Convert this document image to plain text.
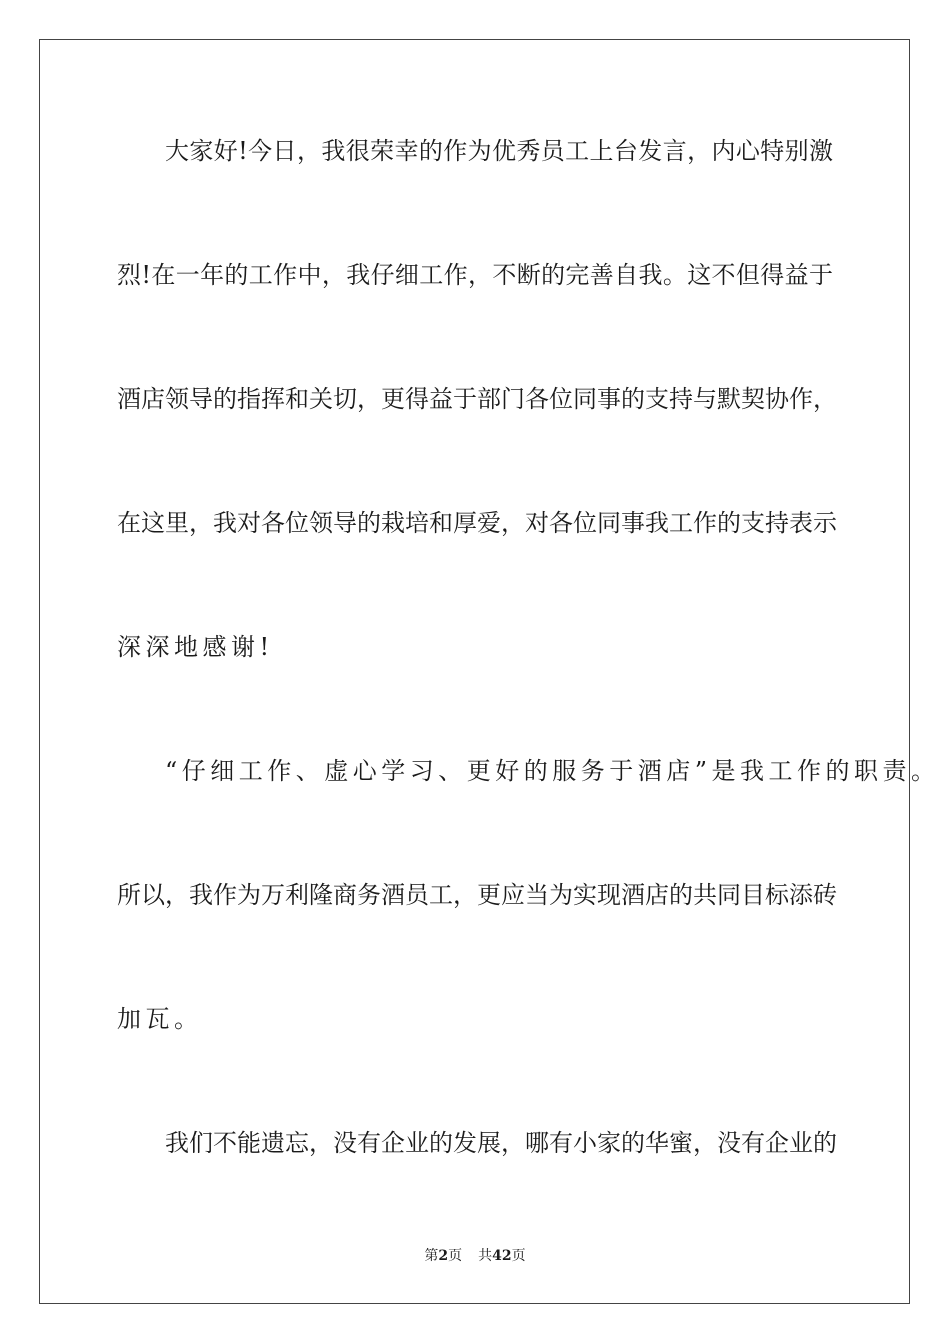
大家好!今日，我很荣幸的作为优秀员工上台发言，内心特别激
烈!在一年的工作中，我仔细工作，不断的完善自我。这不但得益于
酒店领导的指挥和关切，更得益于部门各位同事的支持与默契协作，
在这里，我对各位领导的栽培和厚爱，对各位同事我工作的支持表示
深深地感谢!
“仔细工作、虚心学习、更好的服务于酒店”是我工作的职责。
所以，我作为万利隆商务酒员工，更应当为实现酒店的共同目标添砖
加瓦。
我们不能遗忘，没有企业的发展，哪有小家的华蜜，没有企业的
第2页 共42页
